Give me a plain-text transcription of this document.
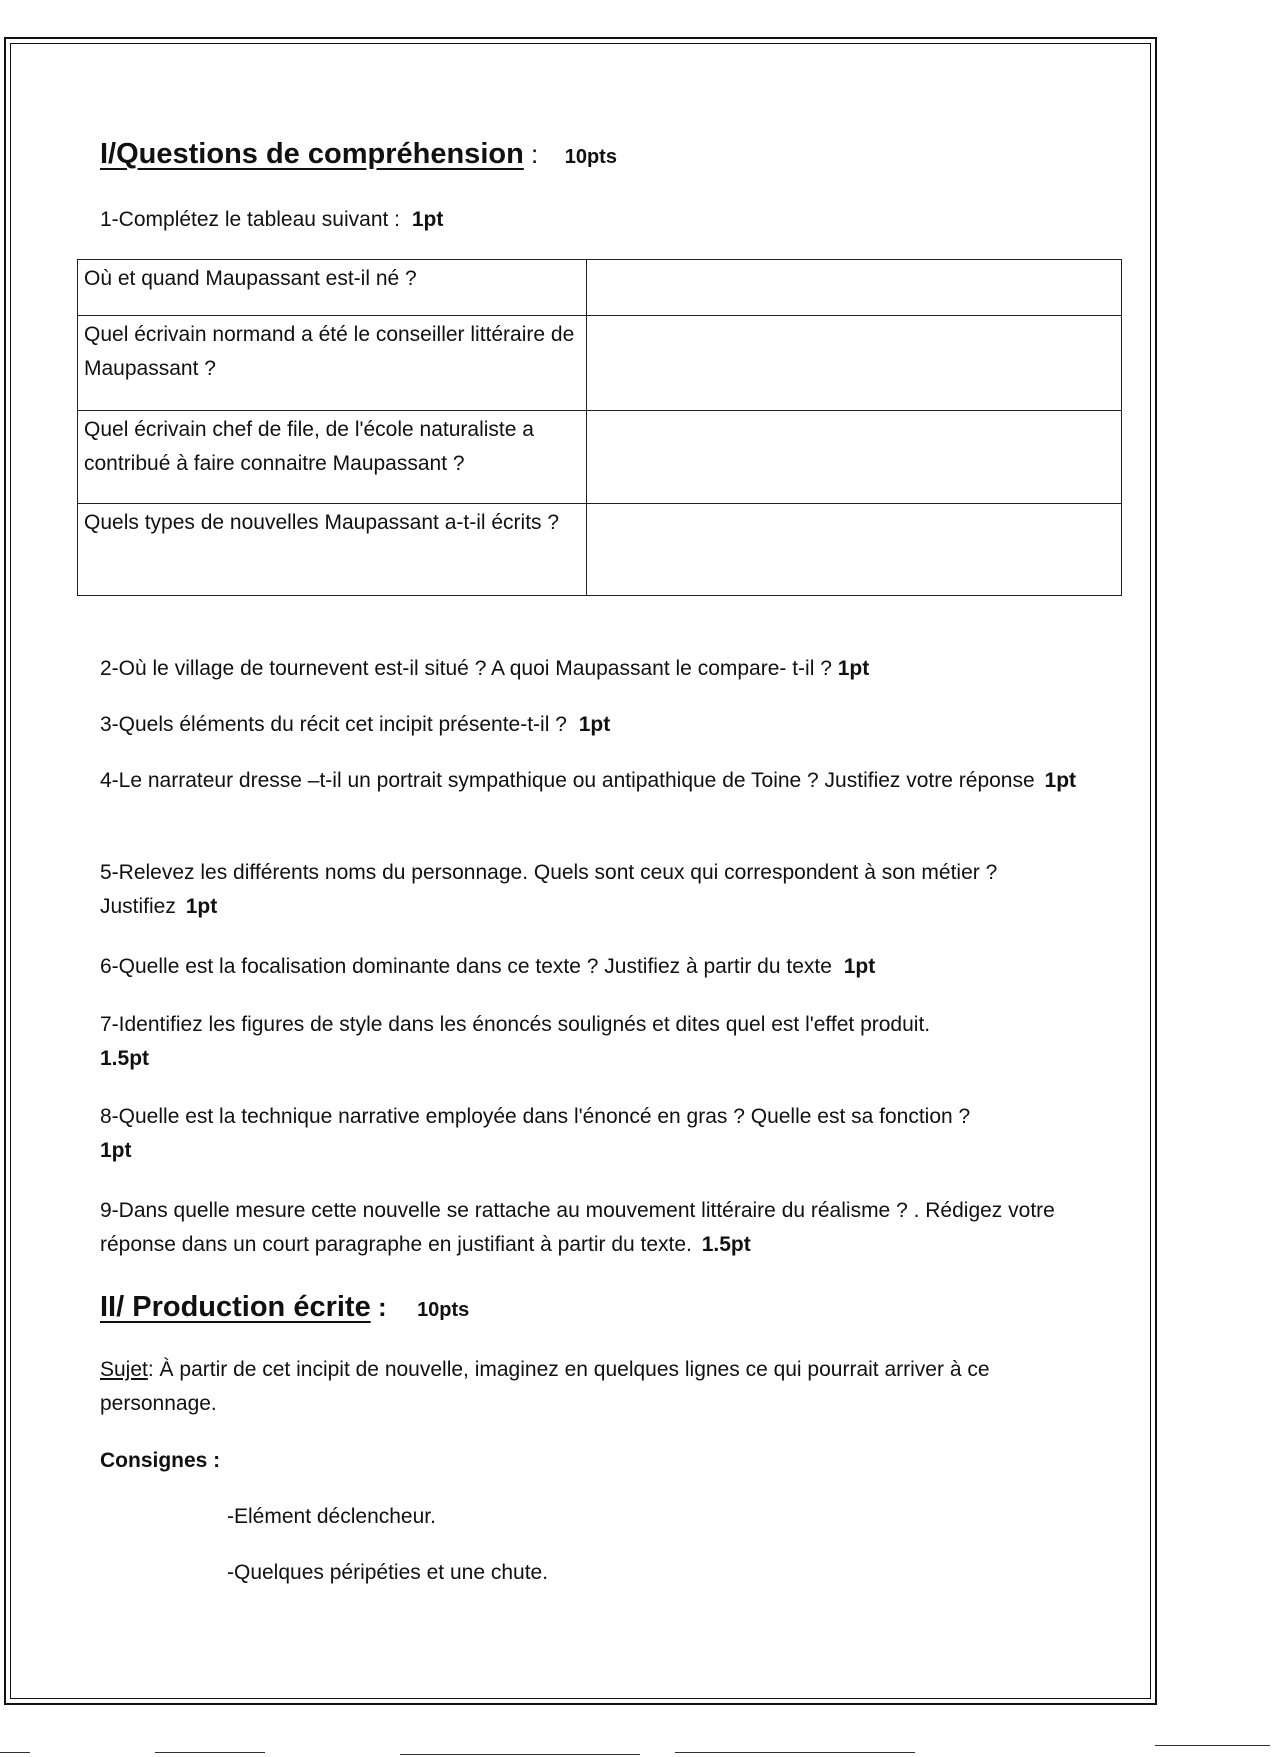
I/Questions de compréhension : 10pts
1-Complétez le tableau suivant : 1pt
Où et quand Maupassant est-il né ?	
Quel écrivain normand a été le conseiller littéraire de Maupassant ?	
Quel écrivain chef de file, de l'école naturaliste a contribué à faire connaitre Maupassant ?	
Quels types de nouvelles Maupassant a-t-il écrits ?	
2-Où le village de tournevent est-il situé ? A quoi Maupassant le compare- t-il ? 1pt
3-Quels éléments du récit cet incipit présente-t-il ? 1pt
4-Le narrateur dresse –t-il un portrait sympathique ou antipathique de Toine ? Justifiez votre réponse 1pt
5-Relevez les différents noms du personnage. Quels sont ceux qui correspondent à son métier ? Justifiez 1pt
6-Quelle est la focalisation dominante dans ce texte ? Justifiez à partir du texte 1pt
7-Identifiez les figures de style dans les énoncés soulignés et dites quel est l'effet produit.
1.5pt
8-Quelle est la technique narrative employée dans l'énoncé en gras ? Quelle est sa fonction ?
1pt
9-Dans quelle mesure cette nouvelle se rattache au mouvement littéraire du réalisme ? . Rédigez votre réponse dans un court paragraphe en justifiant à partir du texte. 1.5pt
II/ Production écrite : 10pts
Sujet: À partir de cet incipit de nouvelle, imaginez en quelques lignes ce qui pourrait arriver à ce personnage.
Consignes :
-Elément déclencheur.
-Quelques péripéties et une chute.
